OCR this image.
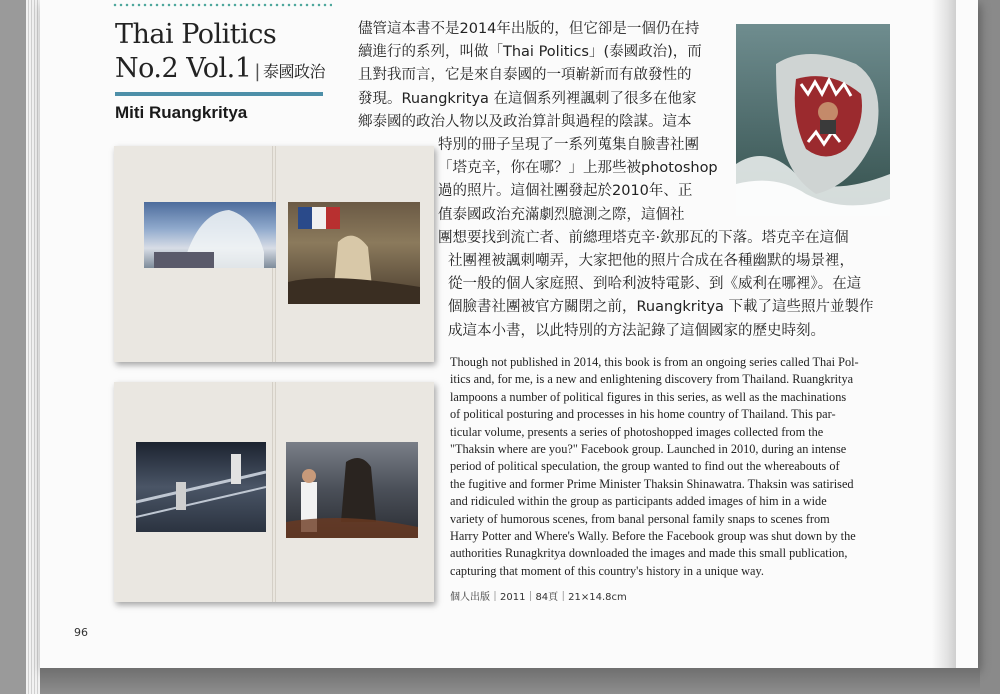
Thai Politics
No.2 Vol.1 | 泰國政治
Miti Ruangkritya
儘管這本書不是2014年出版的，但它卻是一個仍在持
續進行的系列，叫做「Thai Politics」(泰國政治)，而
且對我而言，它是來自泰國的一項嶄新而有啟發性的
發現。Ruangkritya 在這個系列裡諷刺了很多在他家
鄉泰國的政治人物以及政治算計與過程的陰謀。這本
特別的冊子呈現了一系列蒐集自臉書社團
「塔克辛，你在哪？」上那些被photoshop
過的照片。這個社團發起於2010年、正
值泰國政治充滿劇烈臆測之際，這個社
團想要找到流亡者、前總理塔克辛·欽那瓦的下落。塔克辛在這個
社團裡被諷刺嘲弄，大家把他的照片合成在各種幽默的場景裡，
從一般的個人家庭照、到哈利波特電影、到《威利在哪裡》。在這
個臉書社團被官方關閉之前，Ruangkritya 下載了這些照片並製作
成這本小書，以此特別的方法記錄了這個國家的歷史時刻。
Though not published in 2014, this book is from an ongoing series called Thai Pol-
itics and, for me, is a new and enlightening discovery from Thailand. Ruangkritya
lampoons a number of political figures in this series, as well as the machinations
of political posturing and processes in his home country of Thailand. This par-
ticular volume, presents a series of photoshopped images collected from the
"Thaksin where are you?" Facebook group. Launched in 2010, during an intense
period of political speculation, the group wanted to find out the whereabouts of
the fugitive and former Prime Minister Thaksin Shinawatra. Thaksin was satirised
and ridiculed within the group as participants added images of him in a wide
variety of humorous scenes, from banal personal family snaps to scenes from
Harry Potter and Where's Wally. Before the Facebook group was shut down by the
authorities Runagkritya downloaded the images and made this small publication,
capturing that moment of this country's history in a unique way.
個人出版｜2011｜84頁｜21×14.8cm
96
